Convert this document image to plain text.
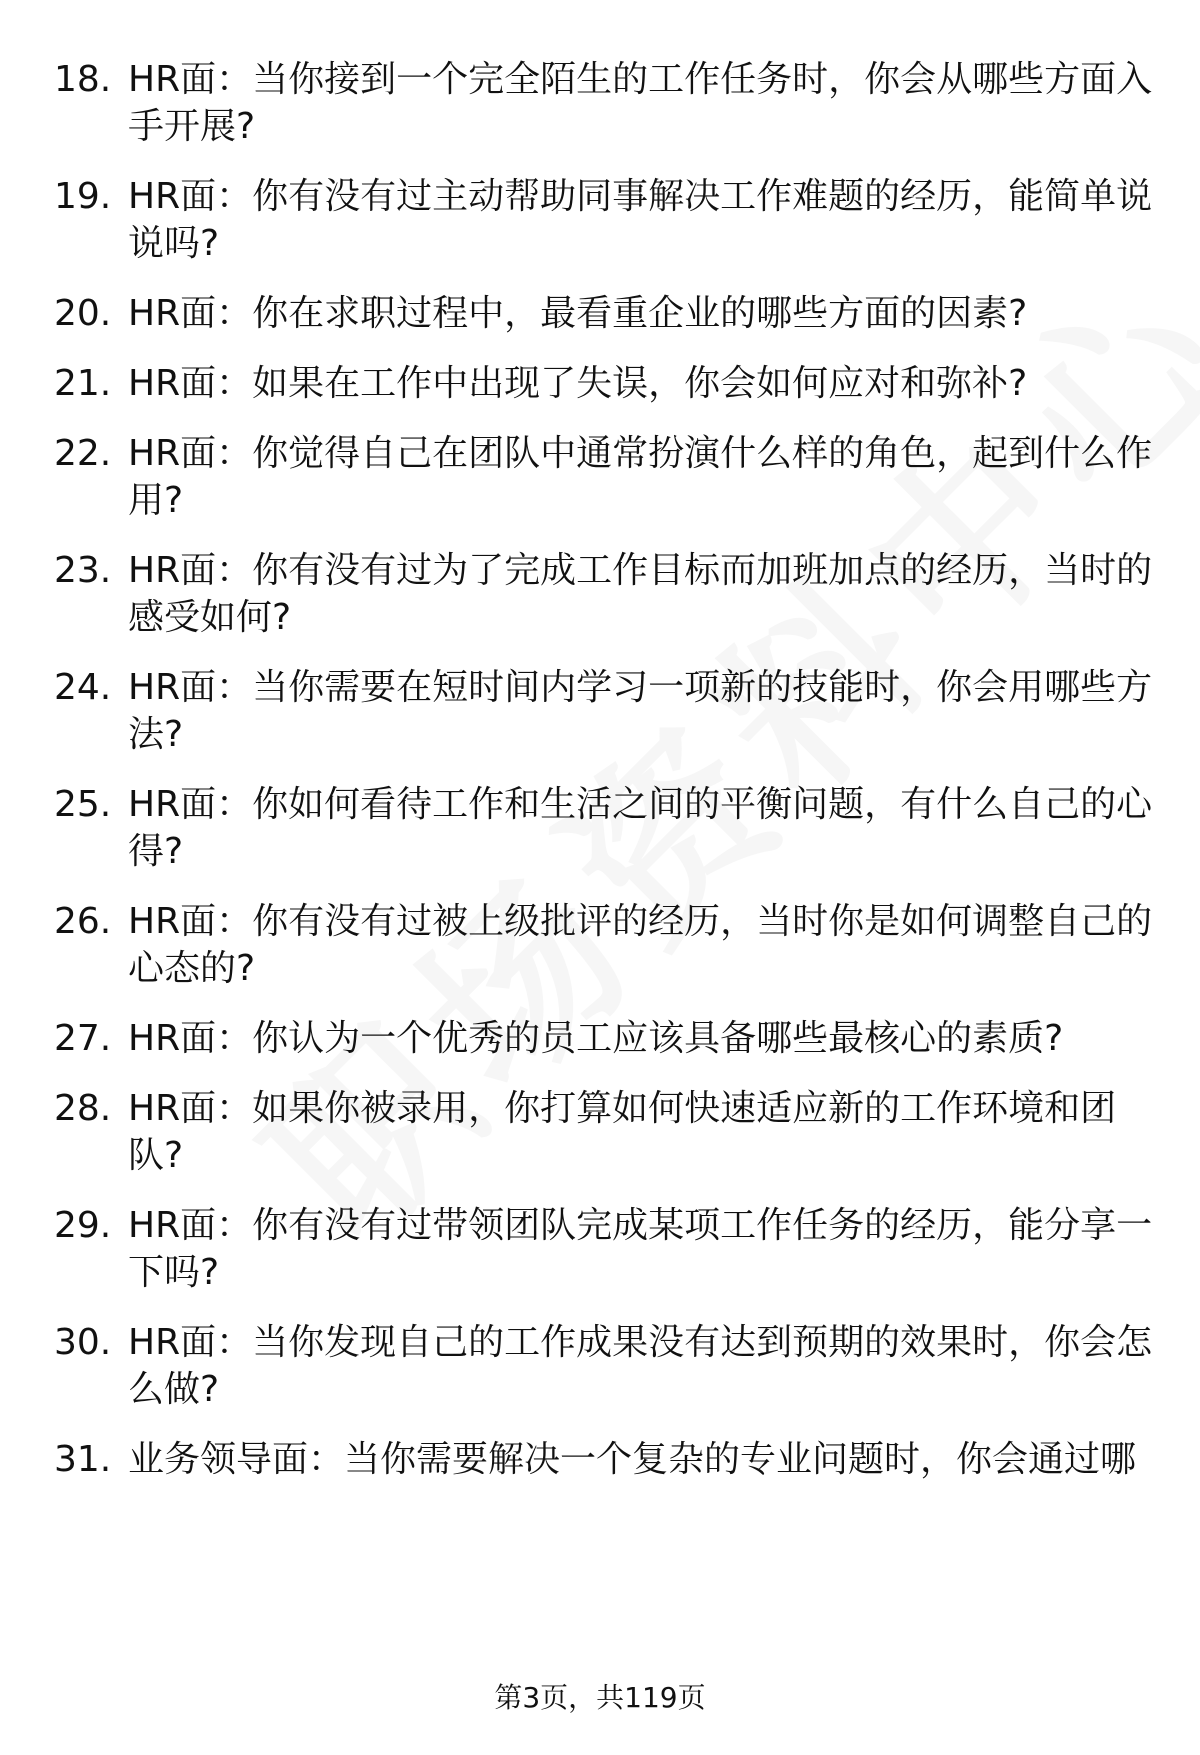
18. HR面：当你接到一个完全陌生的工作任务时，你会从哪些方面入手开展?
19. HR面：你有没有过主动帮助同事解决工作难题的经历，能简单说说吗?
20. HR面：你在求职过程中，最看重企业的哪些方面的因素?
21. HR面：如果在工作中出现了失误，你会如何应对和弥补?
22. HR面：你觉得自己在团队中通常扮演什么样的角色，起到什么作用?
23. HR面：你有没有过为了完成工作目标而加班加点的经历，当时的感受如何?
24. HR面：当你需要在短时间内学习一项新的技能时，你会用哪些方法?
25. HR面：你如何看待工作和生活之间的平衡问题，有什么自己的心得?
26. HR面：你有没有过被上级批评的经历，当时你是如何调整自己的心态的?
27. HR面：你认为一个优秀的员工应该具备哪些最核心的素质?
28. HR面：如果你被录用，你打算如何快速适应新的工作环境和团队?
29. HR面：你有没有过带领团队完成某项工作任务的经历，能分享一下吗?
30. HR面：当你发现自己的工作成果没有达到预期的效果时，你会怎么做?
31. 业务领导面：当你需要解决一个复杂的专业问题时，你会通过哪
第3页，共119页
